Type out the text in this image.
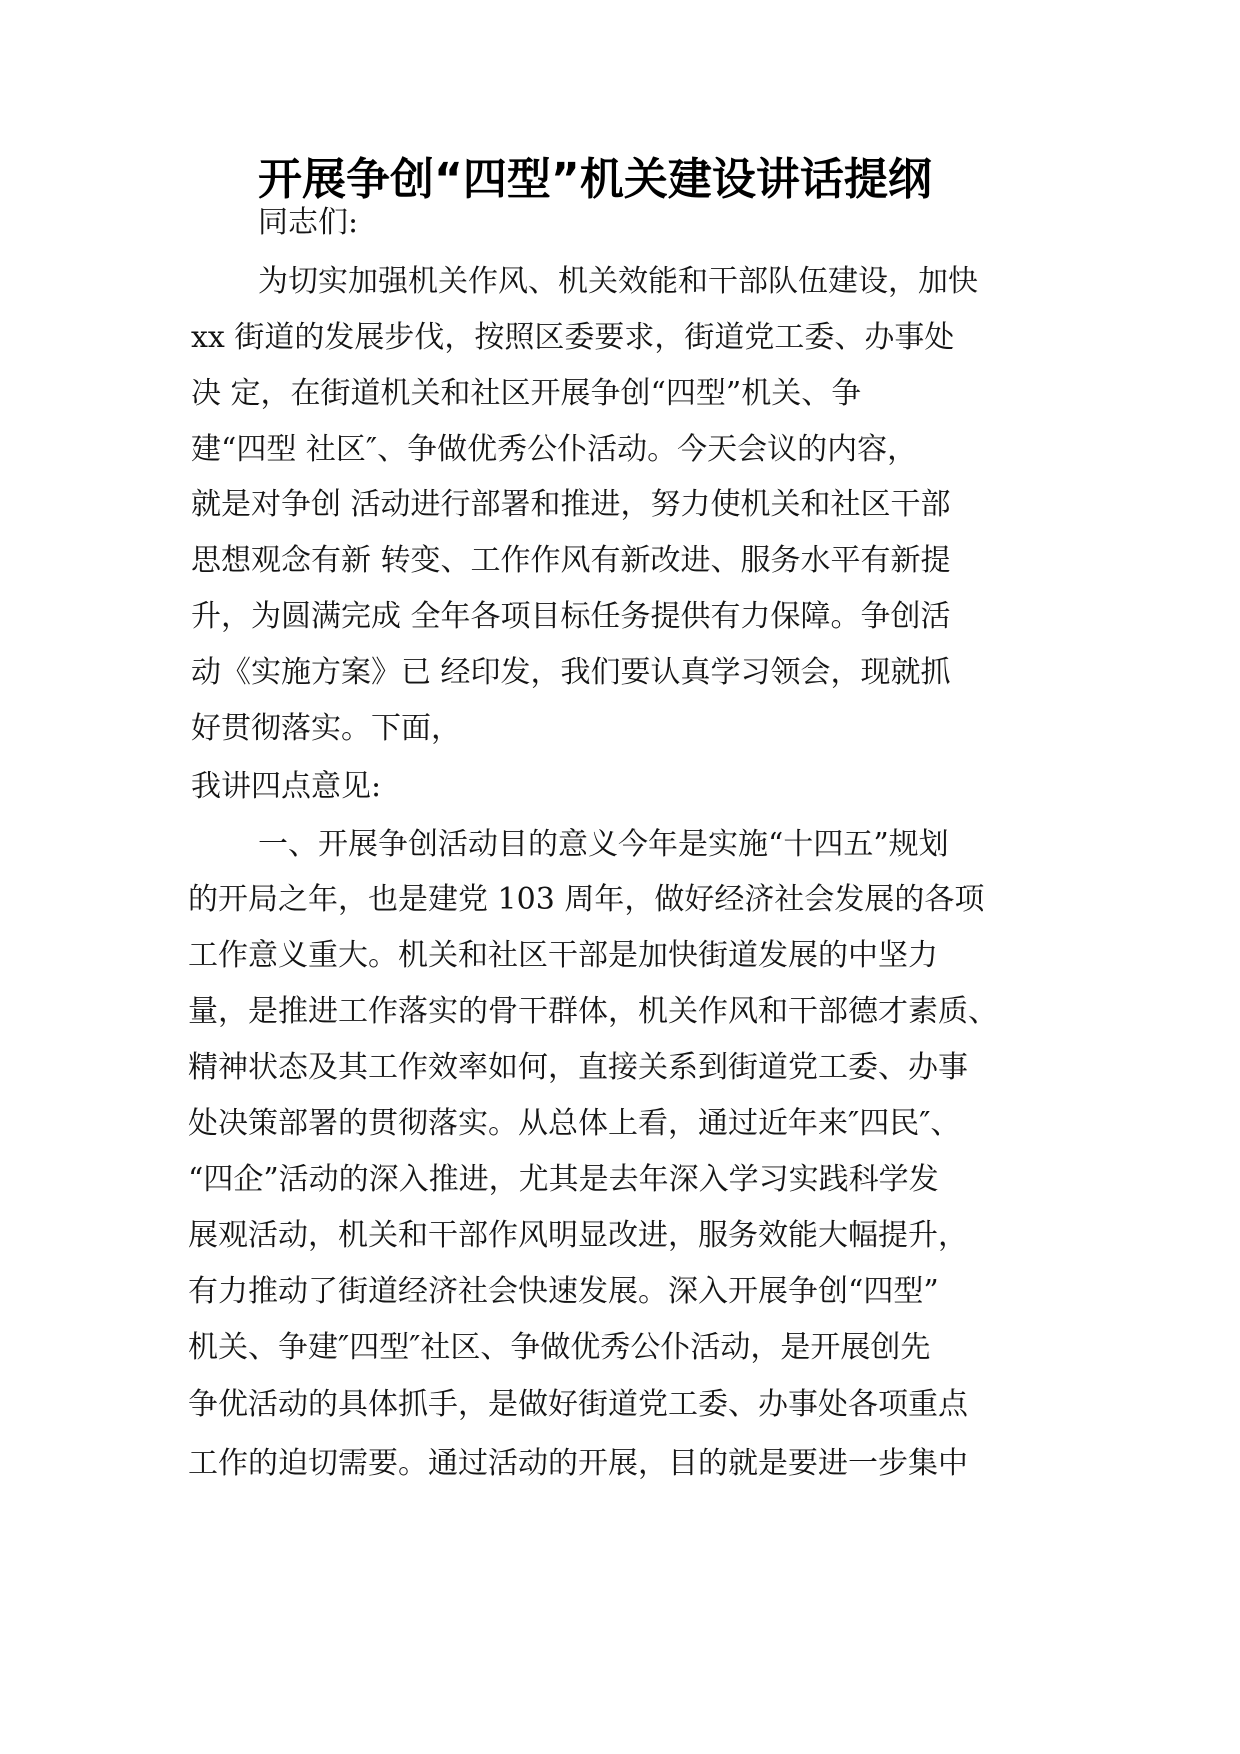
开展争创“四型”机关建设讲话提纲
同志们:
为切实加强机关作风、机关效能和干部队伍建设，加快
xx 街道的发展步伐，按照区委要求，街道党工委、办事处
决 定，在街道机关和社区开展争创“四型”机关、争
建“四型 社区″、争做优秀公仆活动。今天会议的内容，
就是对争创 活动进行部署和推进，努力使机关和社区干部
思想观念有新 转变、工作作风有新改进、服务水平有新提
升，为圆满完成 全年各项目标任务提供有力保障。争创活
动《实施方案》已 经印发，我们要认真学习领会，现就抓
好贯彻落实。下面，
我讲四点意见:
一、开展争创活动目的意义今年是实施“十四五”规划
的开局之年，也是建党 103 周年，做好经济社会发展的各项
工作意义重大。机关和社区干部是加快街道发展的中坚力
量，是推进工作落实的骨干群体，机关作风和干部德才素质、
精神状态及其工作效率如何，直接关系到街道党工委、办事
处决策部署的贯彻落实。从总体上看，通过近年来″四民″、
“四企”活动的深入推进，尤其是去年深入学习实践科学发
展观活动，机关和干部作风明显改进，服务效能大幅提升，
有力推动了街道经济社会快速发展。深入开展争创“四型”
机关、争建″四型″社区、争做优秀公仆活动，是开展创先
争优活动的具体抓手，是做好街道党工委、办事处各项重点
工作的迫切需要。通过活动的开展，目的就是要进一步集中
